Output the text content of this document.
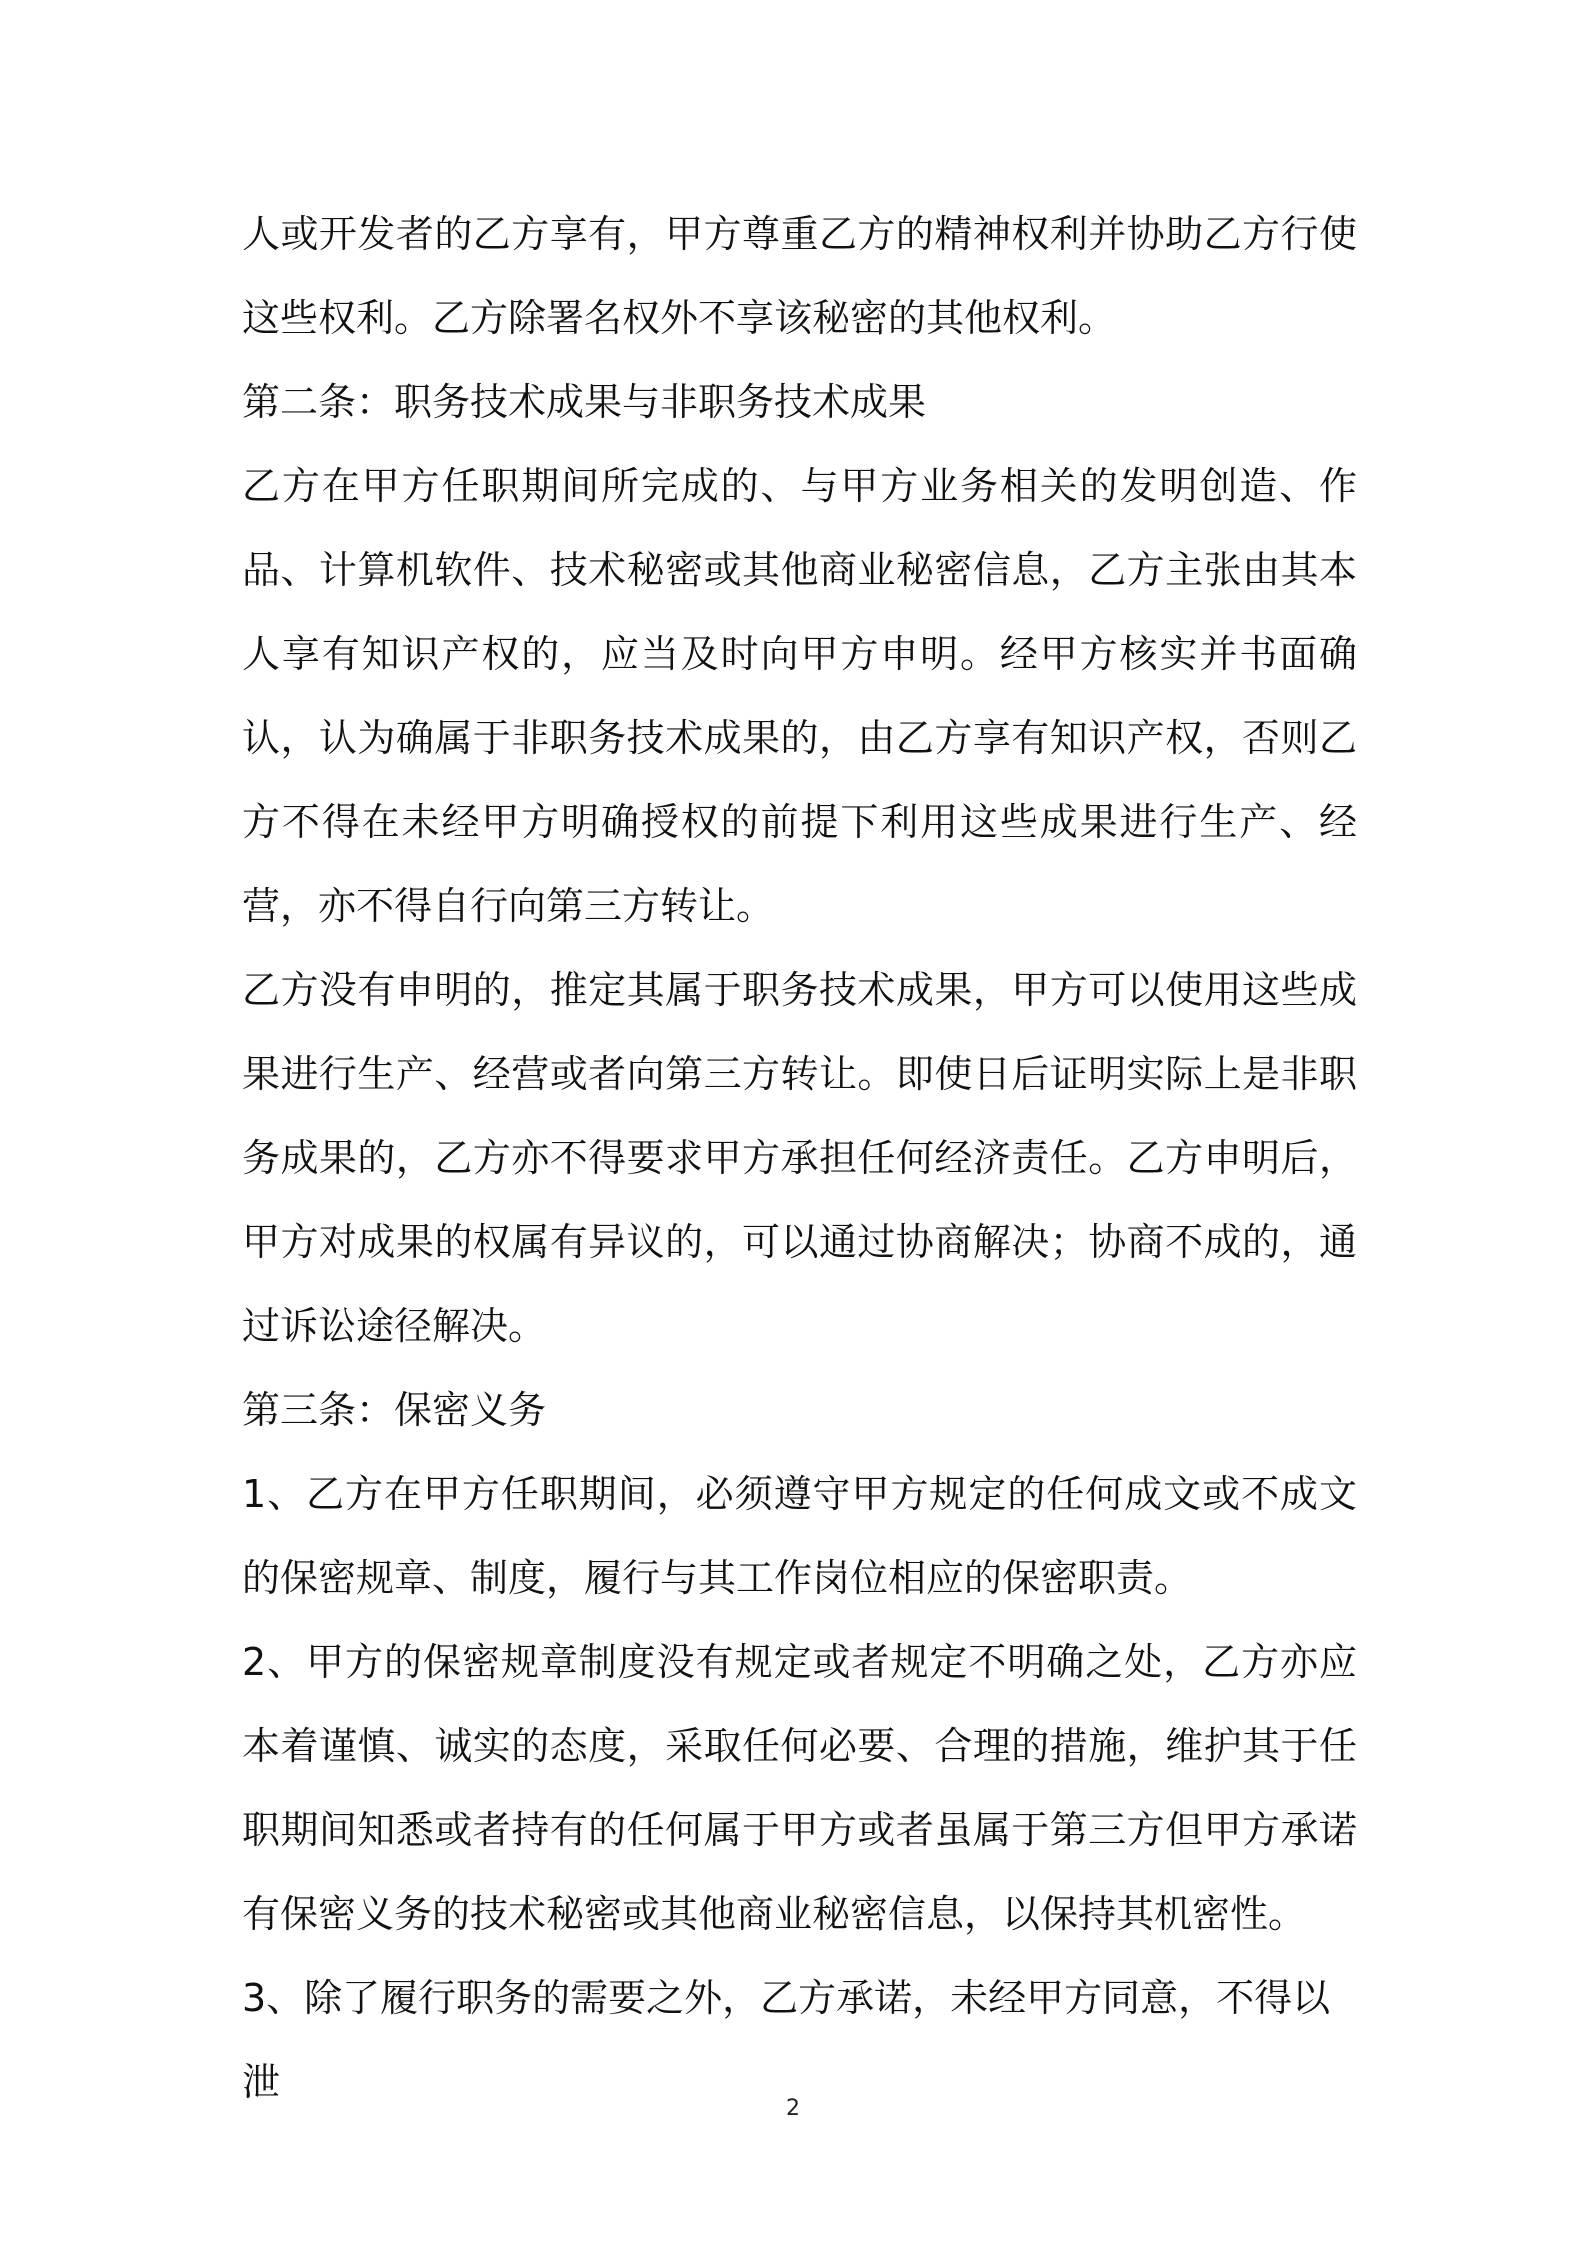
人或开发者的乙方享有，甲方尊重乙方的精神权利并协助乙方行使这些权利。乙方除署名权外不享该秘密的其他权利。

第二条：职务技术成果与非职务技术成果

乙方在甲方任职期间所完成的、与甲方业务相关的发明创造、作品、计算机软件、技术秘密或其他商业秘密信息，乙方主张由其本人享有知识产权的，应当及时向甲方申明。经甲方核实并书面确认，认为确属于非职务技术成果的，由乙方享有知识产权，否则乙方不得在未经甲方明确授权的前提下利用这些成果进行生产、经营，亦不得自行向第三方转让。

乙方没有申明的，推定其属于职务技术成果，甲方可以使用这些成果进行生产、经营或者向第三方转让。即使日后证明实际上是非职务成果的，乙方亦不得要求甲方承担任何经济责任。乙方申明后，甲方对成果的权属有异议的，可以通过协商解决；协商不成的，通过诉讼途径解决。

第三条：保密义务

1、乙方在甲方任职期间，必须遵守甲方规定的任何成文或不成文的保密规章、制度，履行与其工作岗位相应的保密职责。

2、甲方的保密规章制度没有规定或者规定不明确之处，乙方亦应本着谨慎、诚实的态度，采取任何必要、合理的措施，维护其于任职期间知悉或者持有的任何属于甲方或者虽属于第三方但甲方承诺有保密义务的技术秘密或其他商业秘密信息，以保持其机密性。

3、除了履行职务的需要之外，乙方承诺，未经甲方同意，不得以泄

2
